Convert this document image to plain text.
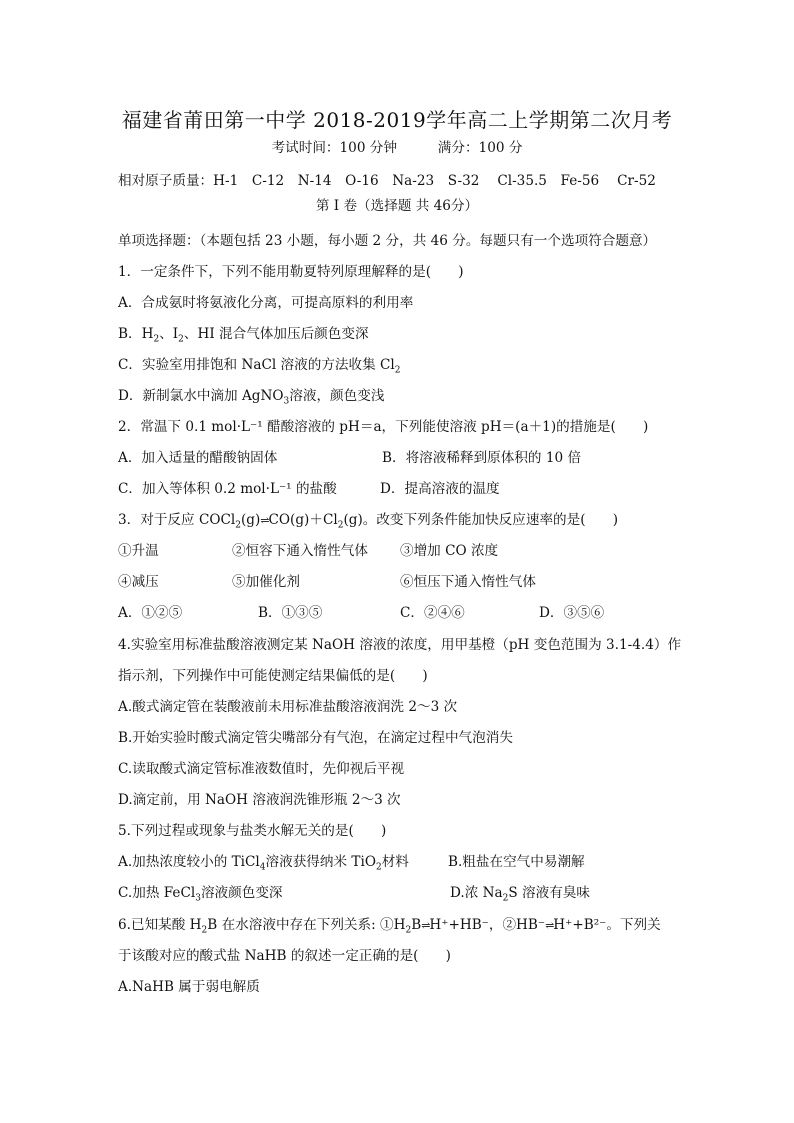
福建省莆田第一中学 2018-2019学年高二上学期第二次月考
考试时间：100 分钟　　　满分：100 分
相对原子质量：H-1　C-12　N-14　O-16　Na-23　S-32　 Cl-35.5　Fe-56　 Cr-52
第 Ⅰ 卷（选择题 共 46分）
单项选择题：（本题包括 23 小题，每小题 2 分，共 46 分。每题只有一个选项符合题意）
1．一定条件下，下列不能用勒夏特列原理解释的是(　　)
A．合成氨时将氨液化分离，可提高原料的利用率
B．$H_2$、$I_2$、HI 混合气体加压后颜色变深
C．实验室用排饱和 NaCl 溶液的方法收集 $Cl_2$
D．新制氯水中滴加 AgNO$_3$溶液，颜色变浅
2．常温下 0.1 mol·L⁻¹ 醋酸溶液的 pH＝a，下列能使溶液 pH＝(a＋1)的措施是(　　)
A．加入适量的醋酸钠固体	B．将溶液稀释到原体积的 10 倍
C．加入等体积 0.2 mol·L⁻¹ 的盐酸	D．提高溶液的温度
3．对于反应 $COCl_2(g)\rightleftharpoons CO(g)+Cl_2(g)$。改变下列条件能加快反应速率的是(　　)
①升温	②恒容下通入惰性气体 ③增加 CO 浓度
④减压	⑤加催化剂	⑥恒压下通入惰性气体
A．①②⑤	B．①③⑤	C．②④⑥	D．③⑤⑥
4.实验室用标准盐酸溶液测定某 NaOH 溶液的浓度，用甲基橙（pH 变色范围为 3.1-4.4）作
指示剂，下列操作中可能使测定结果偏低的是(　　)
A.酸式滴定管在装酸液前未用标准盐酸溶液润洗 2～3 次
B.开始实验时酸式滴定管尖嘴部分有气泡，在滴定过程中气泡消失
C.读取酸式滴定管标准液数值时，先仰视后平视
D.滴定前，用 NaOH 溶液润洗锥形瓶 2～3 次
5.下列过程或现象与盐类水解无关的是(　　)
A.加热浓度较小的 TiCl$_4$溶液获得纳米 TiO$_2$材料	B.粗盐在空气中易潮解
C.加热 FeCl$_3$溶液颜色变深	D.浓 $Na_2S$ 溶液有臭味
6.已知某酸 $H_2B$ 在水溶液中存在下列关系: $①H_2B\rightleftharpoons H^++HB^-$，②HB⁻⇌H⁺+B²⁻。下列关
于该酸对应的酸式盐 NaHB 的叙述一定正确的是(　　)
A.NaHB 属于弱电解质
